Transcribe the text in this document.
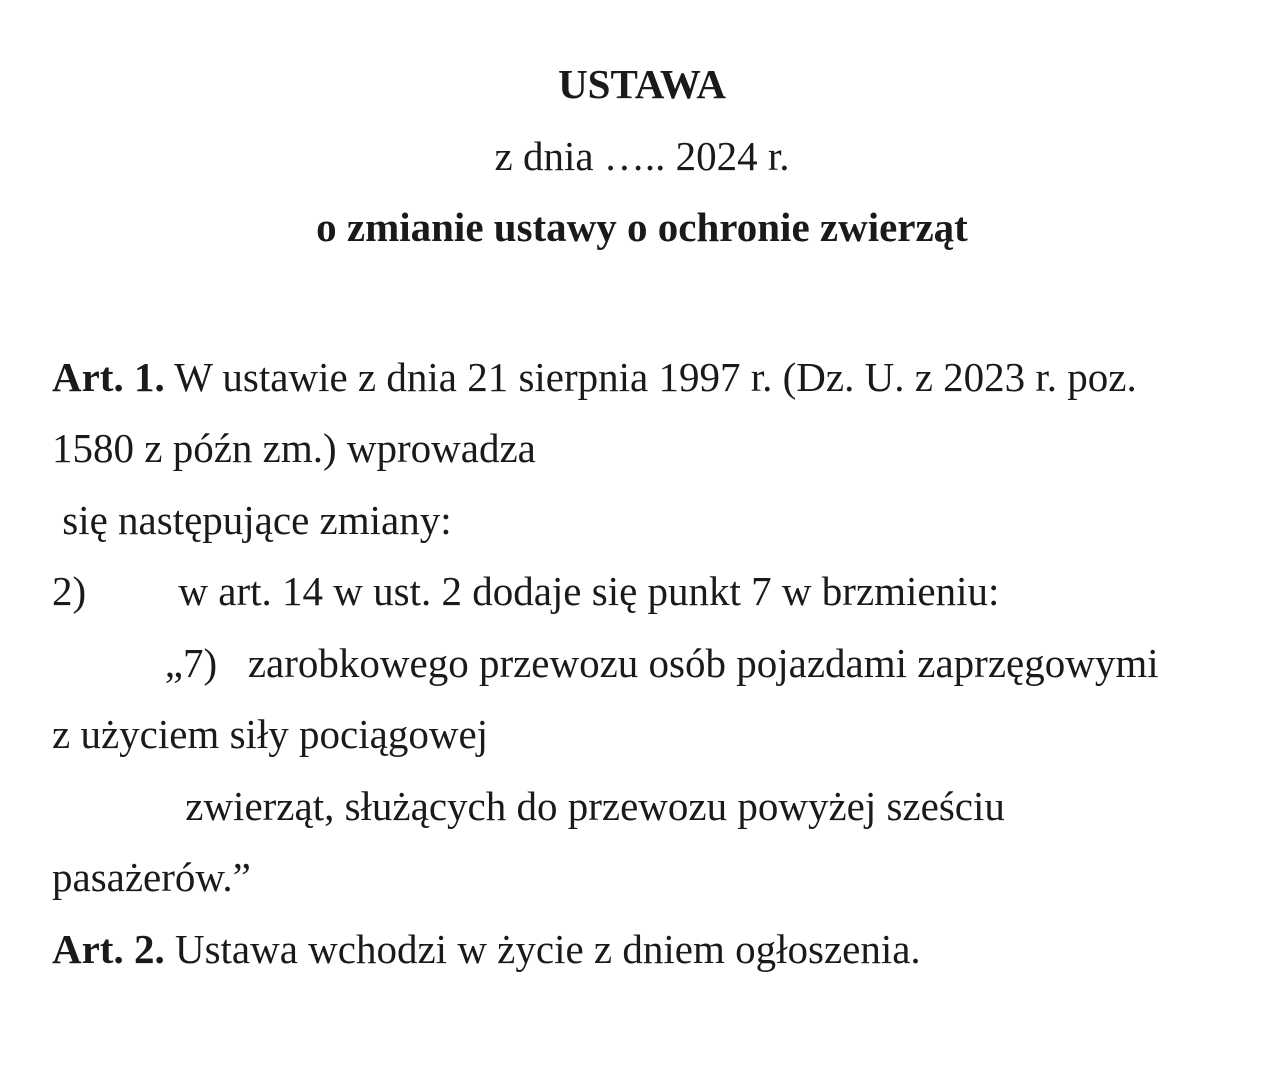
USTAWA
z dnia ….. 2024 r.
o zmianie ustawy o ochronie zwierząt
Art. 1. W ustawie z dnia 21 sierpnia 1997 r. (Dz. U. z 2023 r. poz.
1580 z późn zm.) wprowadza
się następujące zmiany:
2)         w art. 14 w ust. 2 dodaje się punkt 7 w brzmieniu:
„7)   zarobkowego przewozu osób pojazdami zaprzęgowymi
z użyciem siły pociągowej
zwierząt, służących do przewozu powyżej sześciu
pasażerów.”
Art. 2. Ustawa wchodzi w życie z dniem ogłoszenia.
